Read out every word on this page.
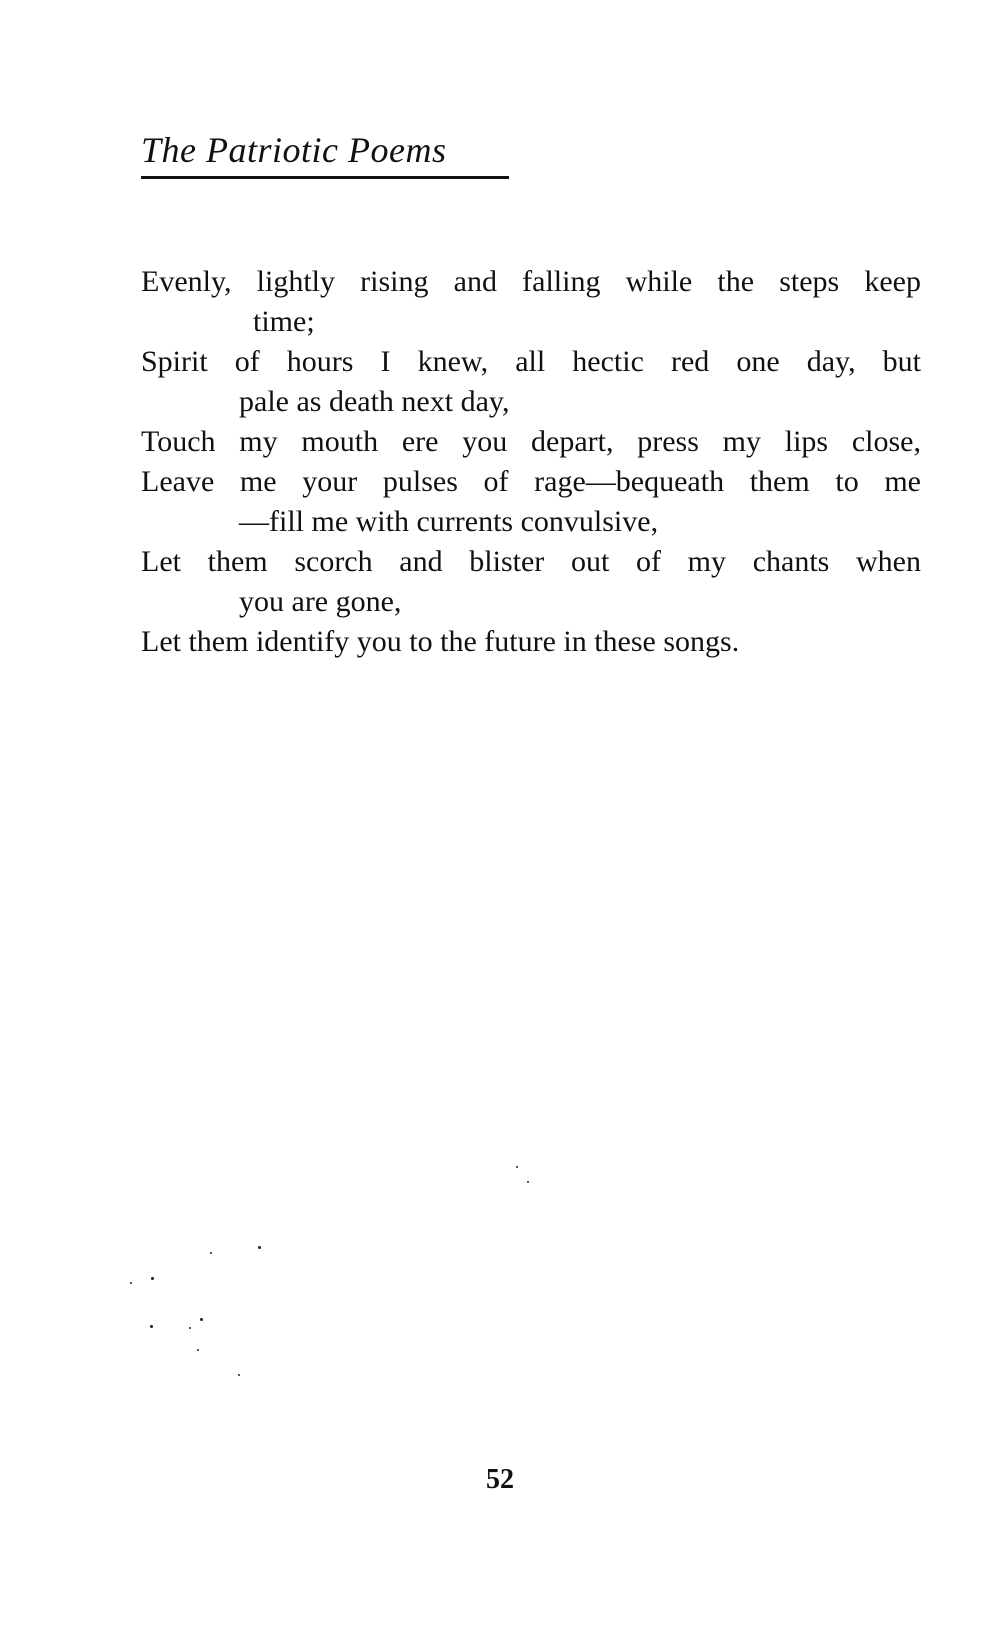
The Patriotic Poems
Evenly, lightly rising and falling while the steps keep
time;
Spirit of hours I knew, all hectic red one day, but
pale as death next day,
Touch my mouth ere you depart, press my lips close,
Leave me your pulses of rage—bequeath them to me
—fill me with currents convulsive,
Let them scorch and blister out of my chants when
you are gone,
Let them identify you to the future in these songs.
52
